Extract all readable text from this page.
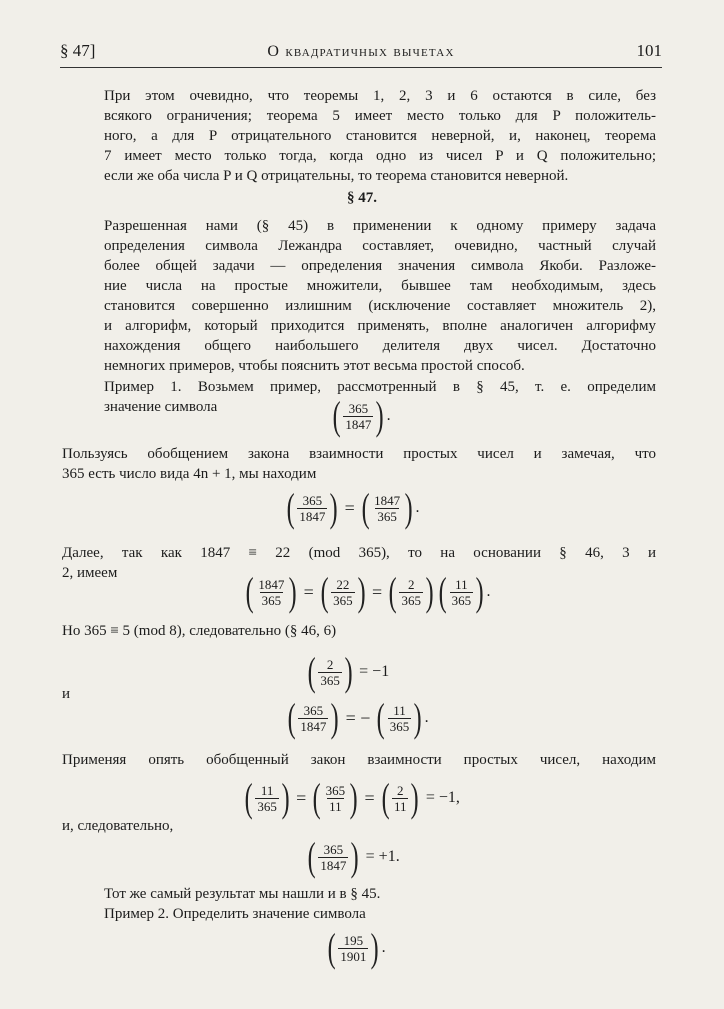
§ 47]	О квадратичных вычетах	101
При этом очевидно, что теоремы 1, 2, 3 и 6 остаются в силе, без
всякого ограничения; теорема 5 имеет место только для P положитель-
ного, а для P отрицательного становится неверной, и, наконец, теорема
7 имеет место только тогда, когда одно из чисел P и Q положительно;
если же оба числа P и Q отрицательны, то теорема становится неверной.
§ 47.
Разрешенная нами (§ 45) в применении к одному примеру задача
определения символа Лежандра составляет, очевидно, частный случай
более общей задачи — определения значения символа Якоби. Разложе-
ние числа на простые множители, бывшее там необходимым, здесь
становится совершенно излишним (исключение составляет множитель 2),
и алгорифм, который приходится применять, вполне аналогичен алгорифму
нахождения общего наибольшего делителя двух чисел. Достаточно
немногих примеров, чтобы пояснить этот весьма простой способ.
Пример 1. Возьмем пример, рассмотренный в § 45, т. е. определим
значение символа	( $\frac{365}{1847}$ ) .
Пользуясь обобщением закона взаимности простых чисел и замечая, что
365 есть число вида 4n + 1, мы находим
( $\frac{365}{1847}$ ) = ( $\frac{1847}{365}$ ) .
Далее, так как 1847 ≡ 22 (mod 365), то на основании § 46, 3 и
2, имеем	( $\frac{1847}{365}$ ) = ( $\frac{22}{365}$ ) = ( $\frac{2}{365}$ ) ( $\frac{11}{365}$ ) .
Но 365 ≡ 5 (mod 8), следовательно (§ 46, 6)
( $\frac{2}{365}$ ) = −1
и
( $\frac{365}{1847}$ ) = − ( $\frac{11}{365}$ ) .
Применяя опять обобщенный закон взаимности простых чисел, находим
( $\frac{11}{365}$ ) = ( $\frac{365}{11}$ ) = ( $\frac{2}{11}$ ) = −1,
и, следовательно,
( $\frac{365}{1847}$ ) = +1.
Тот же самый результат мы нашли и в § 45.
Пример 2. Определить значение символа
( $\frac{195}{1901}$ ) .
